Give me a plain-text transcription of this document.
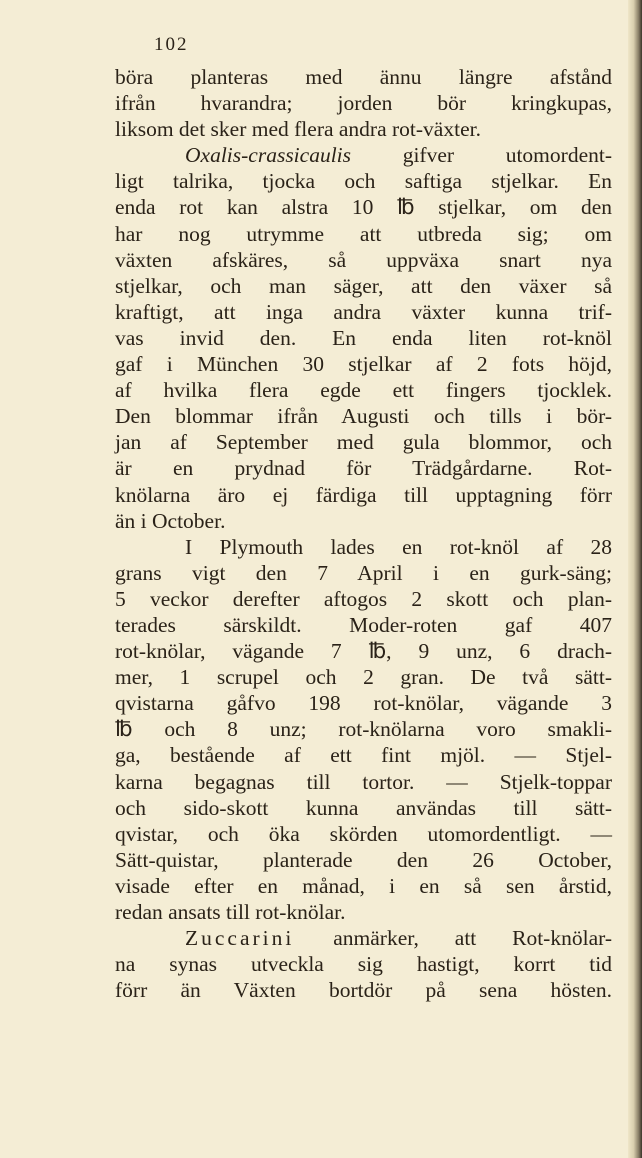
102
böra planteras med ännu längre afstånd
ifrån hvarandra; jorden bör kringkupas,
liksom det sker med flera andra rot-växter.
Oxalis-crassicaulis gifver utomordent-
ligt talrika, tjocka och saftiga stjelkar. En
enda rot kan alstra 10 ℔ stjelkar, om den
har nog utrymme att utbreda sig; om
växten afskäres, så uppväxa snart nya
stjelkar, och man säger, att den växer så
kraftigt, att inga andra växter kunna trif-
vas invid den. En enda liten rot-knöl
gaf i München 30 stjelkar af 2 fots höjd,
af hvilka flera egde ett fingers tjocklek.
Den blommar ifrån Augusti och tills i bör-
jan af September med gula blommor, och
är en prydnad för Trädgårdarne. Rot-
knölarna äro ej färdiga till upptagning förr
än i October.
I Plymouth lades en rot-knöl af 28
grans vigt den 7 April i en gurk-säng;
5 veckor derefter aftogos 2 skott och plan-
terades särskildt. Moder-roten gaf 407
rot-knölar, vägande 7 ℔, 9 unz, 6 drach-
mer, 1 scrupel och 2 gran. De två sätt-
qvistarna gåfvo 198 rot-knölar, vägande 3
℔ och 8 unz; rot-knölarna voro smakli-
ga, bestående af ett fint mjöl. — Stjel-
karna begagnas till tortor. — Stjelk-toppar
och sido-skott kunna användas till sätt-
qvistar, och öka skörden utomordentligt. —
Sätt-quistar, planterade den 26 October,
visade efter en månad, i en så sen årstid,
redan ansats till rot-knölar.
Zuccarini anmärker, att Rot-knölar-
na synas utveckla sig hastigt, korrt tid
förr än Växten bortdör på sena hösten.
